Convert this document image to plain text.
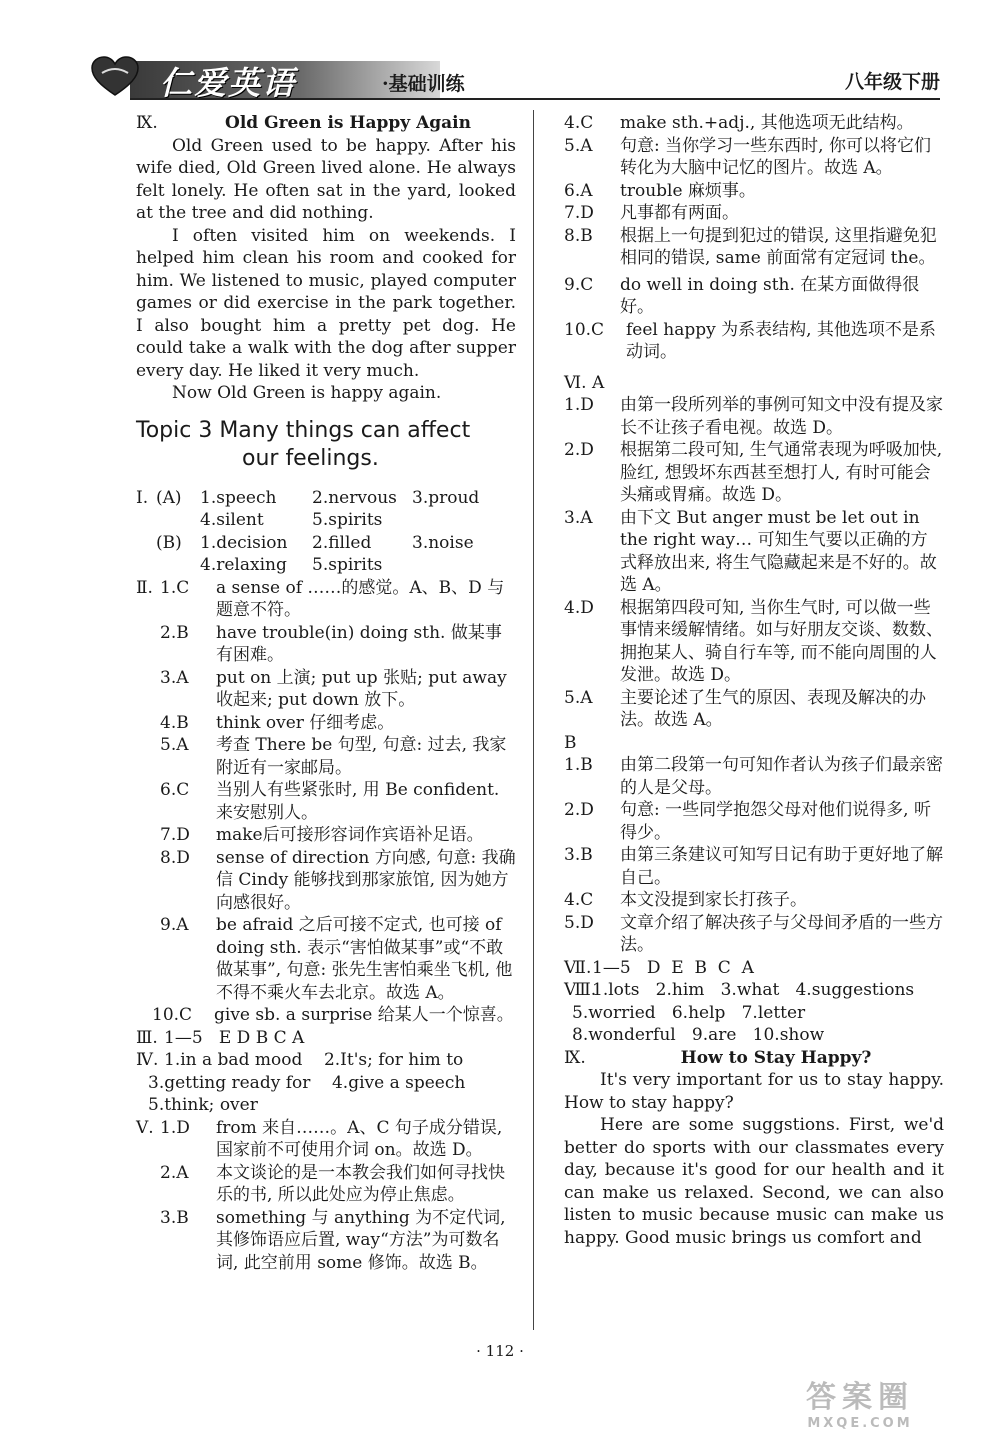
仁爱英语	·基础训练	八年级下册
Ⅸ.	Old Green is Happy Again
Old Green used to be happy. After his wife died, Old Green lived alone. He always felt lonely. He often sat in the yard, looked at the tree and did nothing.
I often visited him on weekends. I helped him clean his room and cooked for him. We listened to music, played computer games or did exercise in the park together. I also bought him a pretty pet dog. He could take a walk with the dog after supper every day. He liked it very much.
Now Old Green is happy again.
Topic 3 Many things can affect
our feelings.
Ⅰ. (A)	1.speech	2.nervous 3.proud
4.silent	5.spirits
(B)	1.decision	2.filled	3.noise
4.relaxing	5.spirits
Ⅱ. 1.C	a sense of ……的感觉。A、B、D 与题意不符。
2.B	have trouble(in) doing sth. 做某事有困难。
3.A	put on 上演; put up 张贴; put away 收起来; put down 放下。
4.B	think over 仔细考虑。
5.A	考查 There be 句型, 句意: 过去, 我家附近有一家邮局。
6.C	当别人有些紧张时, 用 Be confident. 来安慰别人。
7.D	make后可接形容词作宾语补足语。
8.D	sense of direction 方向感, 句意: 我确信 Cindy 能够找到那家旅馆, 因为她方向感很好。
9.A	be afraid 之后可接不定式, 也可接 of doing sth. 表示“害怕做某事”或“不敢做某事”, 句意: 张先生害怕乘坐飞机, 他不得不乘火车去北京。故选 A。
10.C	give sb. a surprise 给某人一个惊喜。
Ⅲ. 1—5   E D B C A
Ⅳ. 1.in a bad mood    2.It's; for him to
3.getting ready for    4.give a speech
5.think; over
Ⅴ. 1.D	from 来自……。A、C 句子成分错误, 国家前不可使用介词 on。故选 D。
2.A	本文谈论的是一本教会我们如何寻找快乐的书, 所以此处应为停止焦虑。
3.B	something 与 anything 为不定代词, 其修饰语应后置, way“方法”为可数名词, 此空前用 some 修饰。故选 B。
4.C	make sth.+adj., 其他选项无此结构。
5.A	句意: 当你学习一些东西时, 你可以将它们转化为大脑中记忆的图片。故选 A。
6.A	trouble 麻烦事。
7.D	凡事都有两面。
8.B	根据上一句提到犯过的错误, 这里指避免犯相同的错误, same 前面常有定冠词 the。
9.C	do well in doing sth. 在某方面做得很好。
10.C	feel happy 为系表结构, 其他选项不是系动词。
Ⅵ. A
1.D	由第一段所列举的事例可知文中没有提及家长不让孩子看电视。故选 D。
2.D	根据第二段可知, 生气通常表现为呼吸加快, 脸红, 想毁坏东西甚至想打人, 有时可能会头痛或胃痛。故选 D。
3.A	由下文 But anger must be let out in the right way… 可知生气要以正确的方式释放出来, 将生气隐藏起来是不好的。故选 A。
4.D	根据第四段可知, 当你生气时, 可以做一些事情来缓解情绪。如与好朋友交谈、数数、拥抱某人、骑自行车等, 而不能向周围的人发泄。故选 D。
5.A	主要论述了生气的原因、表现及解决的办法。故选 A。
B
1.B	由第二段第一句可知作者认为孩子们最亲密的人是父母。
2.D	句意: 一些同学抱怨父母对他们说得多, 听得少。
3.B	由第三条建议可知写日记有助于更好地了解自己。
4.C	本文没提到家长打孩子。
5.D	文章介绍了解决孩子与父母间矛盾的一些方法。
Ⅶ. 1—5   D  E  B  C  A
Ⅷ.
1.lots   2.him   3.what   4.suggestions
5.worried   6.help   7.letter
8.wonderful   9.are   10.show
Ⅸ.	How to Stay Happy?
It's very important for us to stay happy. How to stay happy?
Here are some suggstions. First, we'd better do sports with our classmates every day, because it's good for our health and it can make us relaxed. Second, we can also listen to music because music can make us happy. Good music brings us comfort and
· 112 ·
答案圈
MXQE.COM
